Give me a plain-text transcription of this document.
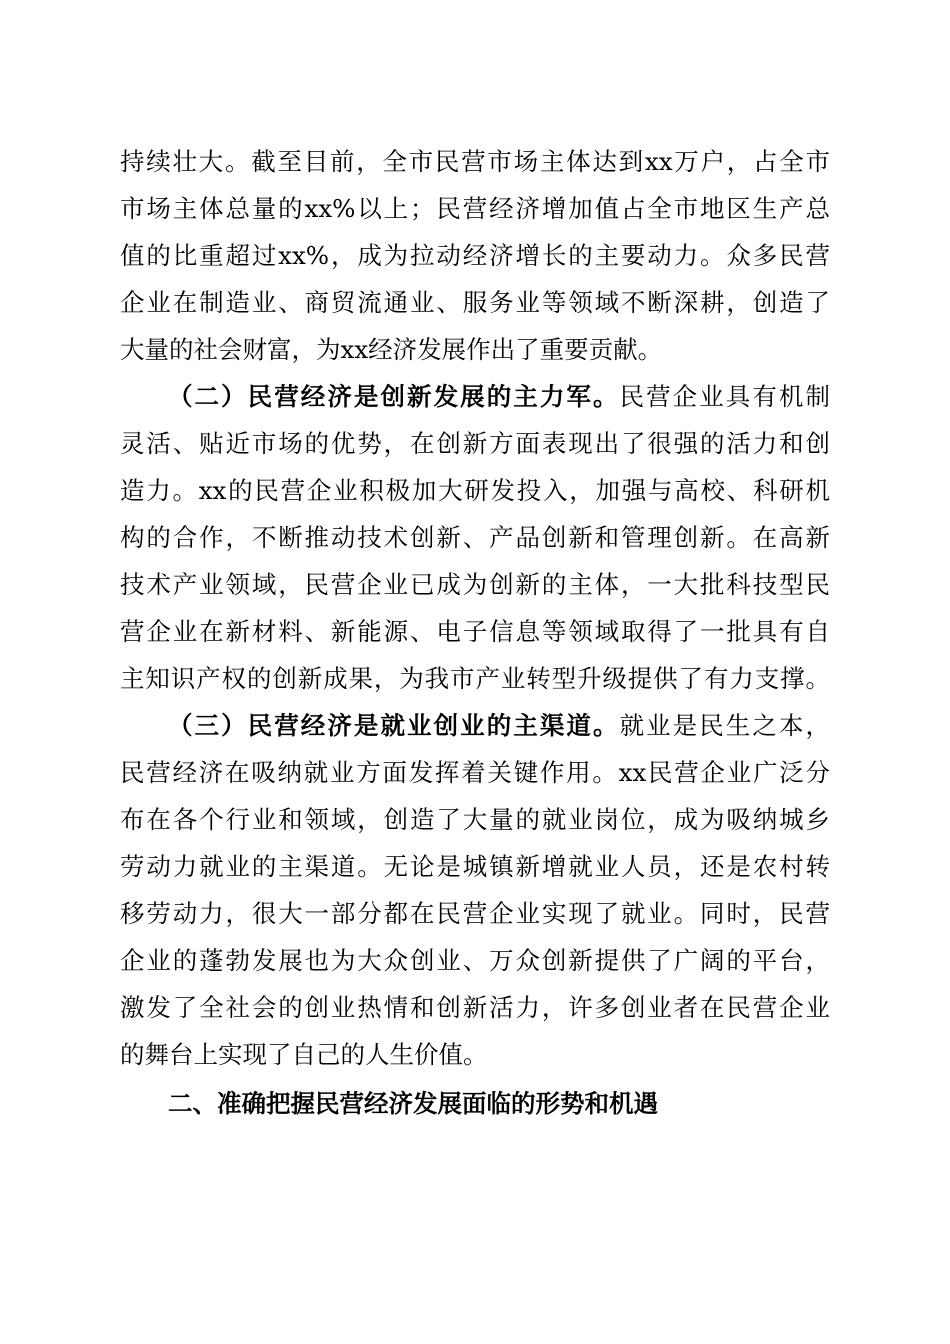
持续壮大。截至目前，全市民营市场主体达到xx万户，占全市
市场主体总量的xx%以上；民营经济增加值占全市地区生产总
值的比重超过xx%，成为拉动经济增长的主要动力。众多民营
企业在制造业、商贸流通业、服务业等领域不断深耕，创造了
大量的社会财富，为xx经济发展作出了重要贡献。
（二）民营经济是创新发展的主力军。民营企业具有机制
灵活、贴近市场的优势，在创新方面表现出了很强的活力和创
造力。xx的民营企业积极加大研发投入，加强与高校、科研机
构的合作，不断推动技术创新、产品创新和管理创新。在高新
技术产业领域，民营企业已成为创新的主体，一大批科技型民
营企业在新材料、新能源、电子信息等领域取得了一批具有自
主知识产权的创新成果，为我市产业转型升级提供了有力支撑。
（三）民营经济是就业创业的主渠道。就业是民生之本，
民营经济在吸纳就业方面发挥着关键作用。xx民营企业广泛分
布在各个行业和领域，创造了大量的就业岗位，成为吸纳城乡
劳动力就业的主渠道。无论是城镇新增就业人员，还是农村转
移劳动力，很大一部分都在民营企业实现了就业。同时，民营
企业的蓬勃发展也为大众创业、万众创新提供了广阔的平台，
激发了全社会的创业热情和创新活力，许多创业者在民营企业
的舞台上实现了自己的人生价值。
二、准确把握民营经济发展面临的形势和机遇
